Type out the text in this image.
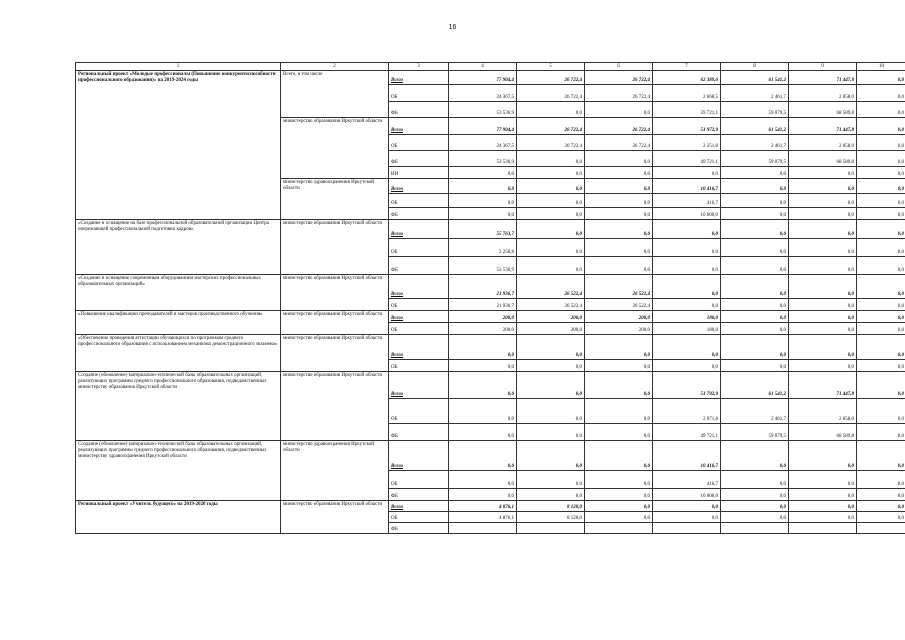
16
1	2	3	4	5	6	7	8	9	10
Региональный проект «Молодые профессионалы (Повышение конкурентоспособности профессионального образования)» на 2019-2024 годы	Всего, в том числе	Всего	77 904,4	26 722,4	26 722,4	62 389,6	61 541,2	71 447,8	0,0
		ОБ	24 367,5	26 722,4	26 722,4	2 668,5	2 461,7	2 858,0	0,0
		ФБ	53 536,9	0,0	0,0	59 721,1	59 079,5	68 589,8	0,0
	министерство образования Иркутской области	Всего	77 904,4	26 722,4	26 722,4	51 972,9	61 541,2	71 447,8	0,0
		ОБ	24 367,5	26 722,4	26 722,4	2 251,8	2 461,7	2 858,0	0,0
		ФБ	53 536,9	0,0	0,0	49 721,1	59 079,5	68 589,8	0,0
		ИИ	0,0	0,0	0,0	0,0	0,0	0,0	0,0
	министерство здравоохранения Иркутской области	Всего	0,0	0,0	0,0	10 416,7	0,0	0,0	0,0
		ОБ	0,0	0,0	0,0	416,7	0,0	0,0	0,0
		ФБ	0,0	0,0	0,0	10 000,0	0,0	0,0	0,0
«Создание и оснащение на базе профессиональной образовательной организации Центра опережающей профессиональной подготовки кадров»	министерство образования Иркутской области	Всего	55 763,7	0,0	0,0	0,0	0,0	0,0	0,0
		ОБ	2 250,8	0,0	0,0	0,0	0,0	0,0	0,0
		ФБ	53 536,9	0,0	0,0	0,0	0,0	0,0	0,0
«Создание и оснащение современным оборудованием мастерских профессиональных образовательных организаций»	министерство образования Иркутской области	Всего	21 936,7	26 522,4	26 522,4	0,0	0,0	0,0	0,0
		ОБ	21 936,7	26 522,4	26 522,4	0,0	0,0	0,0	0,0
«Повышение квалификации преподавателей и мастеров производственного обучения»	министерство образования Иркутской области	Всего	200,0	200,0	200,0	180,0	0,0	0,0	0,0
		ОБ	200,0	200,0	200,0	180,0	0,0	0,0	0,0
«Обеспечение проведения аттестации обучающихся по программам среднего профессионального образования с использованием механизма демонстрационного экзамена»	министерство образования Иркутской области	Всего	0,0	0,0	0,0	0,0	0,0	0,0	0,0
		ОБ	0,0	0,0	0,0	0,0	0,0	0,0	0,0
Создание (обновление) материально-технической базы образовательных организаций, реализующих программы среднего профессионального образования, подведомственных министерству образования Иркутской области	министерство образования Иркутской области	Всего	0,0	0,0	0,0	51 792,9	61 541,2	71 447,8	0,0
		ОБ	0,0	0,0	0,0	2 071,8	2 461,7	2 858,0	0,0
		ФБ	0,0	0,0	0,0	49 721,1	59 079,5	68 589,8	0,0
Создание (обновление) материально-технической базы образовательных организаций, реализующих программы среднего профессионального образования, подведомственных министерству здравоохранения Иркутской области	министерство здравоохранения Иркутской области	Всего	0,0	0,0	0,0	10 416,7	0,0	0,0	0,0
		ОБ	0,0	0,0	0,0	416,7	0,0	0,0	0,0
		ФБ	0,0	0,0	0,0	10 000,0	0,0	0,0	0,0
Региональный проект «Учитель будущего» на 2019-2020 годы	министерство образования Иркутской области	Всего	4 876,1	8 128,0	0,0	0,0	0,0	0,0	0,0
		ОБ	4 876,1	8 128,0	0,0	0,0	0,0	0,0	0,0
		ФБ							
